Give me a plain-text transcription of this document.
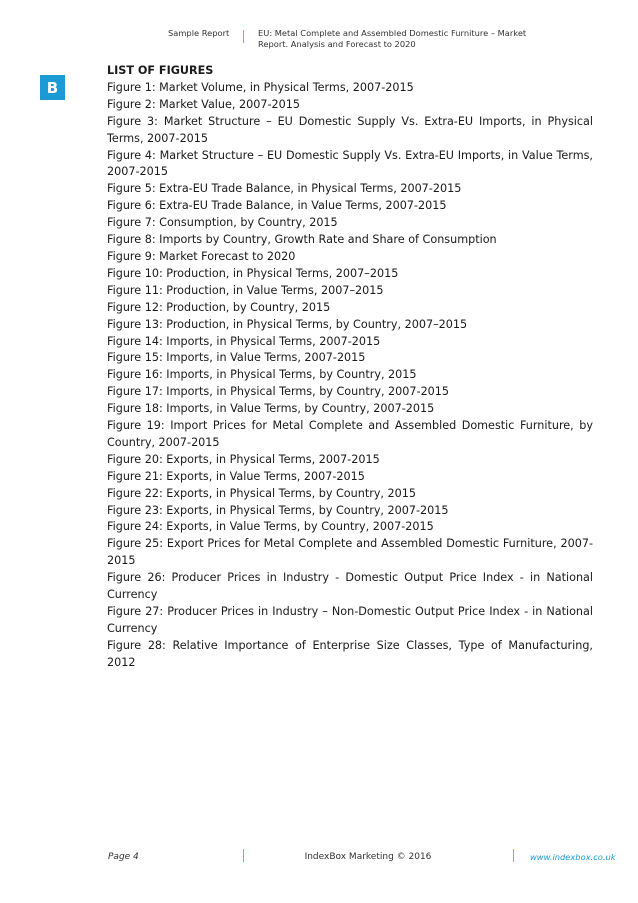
Sample Report	EU: Metal Complete and Assembled Domestic Furniture – Market Report. Analysis and Forecast to 2020
B
LIST OF FIGURES
Figure 1: Market Volume, in Physical Terms, 2007-2015
Figure 2: Market Value, 2007-2015
Figure 3: Market Structure – EU Domestic Supply Vs. Extra-EU Imports, in Physical Terms, 2007-2015
Figure 4: Market Structure – EU Domestic Supply Vs. Extra-EU Imports, in Value Terms, 2007-2015
Figure 5: Extra-EU Trade Balance, in Physical Terms, 2007-2015
Figure 6: Extra-EU Trade Balance, in Value Terms, 2007-2015
Figure 7: Consumption, by Country, 2015
Figure 8: Imports by Country, Growth Rate and Share of Consumption
Figure 9: Market Forecast to 2020
Figure 10: Production, in Physical Terms, 2007–2015
Figure 11: Production, in Value Terms, 2007–2015
Figure 12: Production, by Country, 2015
Figure 13: Production, in Physical Terms, by Country, 2007–2015
Figure 14: Imports, in Physical Terms, 2007-2015
Figure 15: Imports, in Value Terms, 2007-2015
Figure 16: Imports, in Physical Terms, by Country, 2015
Figure 17: Imports, in Physical Terms, by Country, 2007-2015
Figure 18: Imports, in Value Terms, by Country, 2007-2015
Figure 19: Import Prices for Metal Complete and Assembled Domestic Furniture, by Country, 2007-2015
Figure 20: Exports, in Physical Terms, 2007-2015
Figure 21: Exports, in Value Terms, 2007-2015
Figure 22: Exports, in Physical Terms, by Country, 2015
Figure 23: Exports, in Physical Terms, by Country, 2007-2015
Figure 24: Exports, in Value Terms, by Country, 2007-2015
Figure 25: Export Prices for Metal Complete and Assembled Domestic Furniture, 2007-2015
Figure 26: Producer Prices in Industry - Domestic Output Price Index - in National Currency
Figure 27: Producer Prices in Industry – Non-Domestic Output Price Index - in National Currency
Figure 28: Relative Importance of Enterprise Size Classes, Type of Manufacturing, 2012
Page 4	IndexBox Marketing © 2016	www.indexbox.co.uk
